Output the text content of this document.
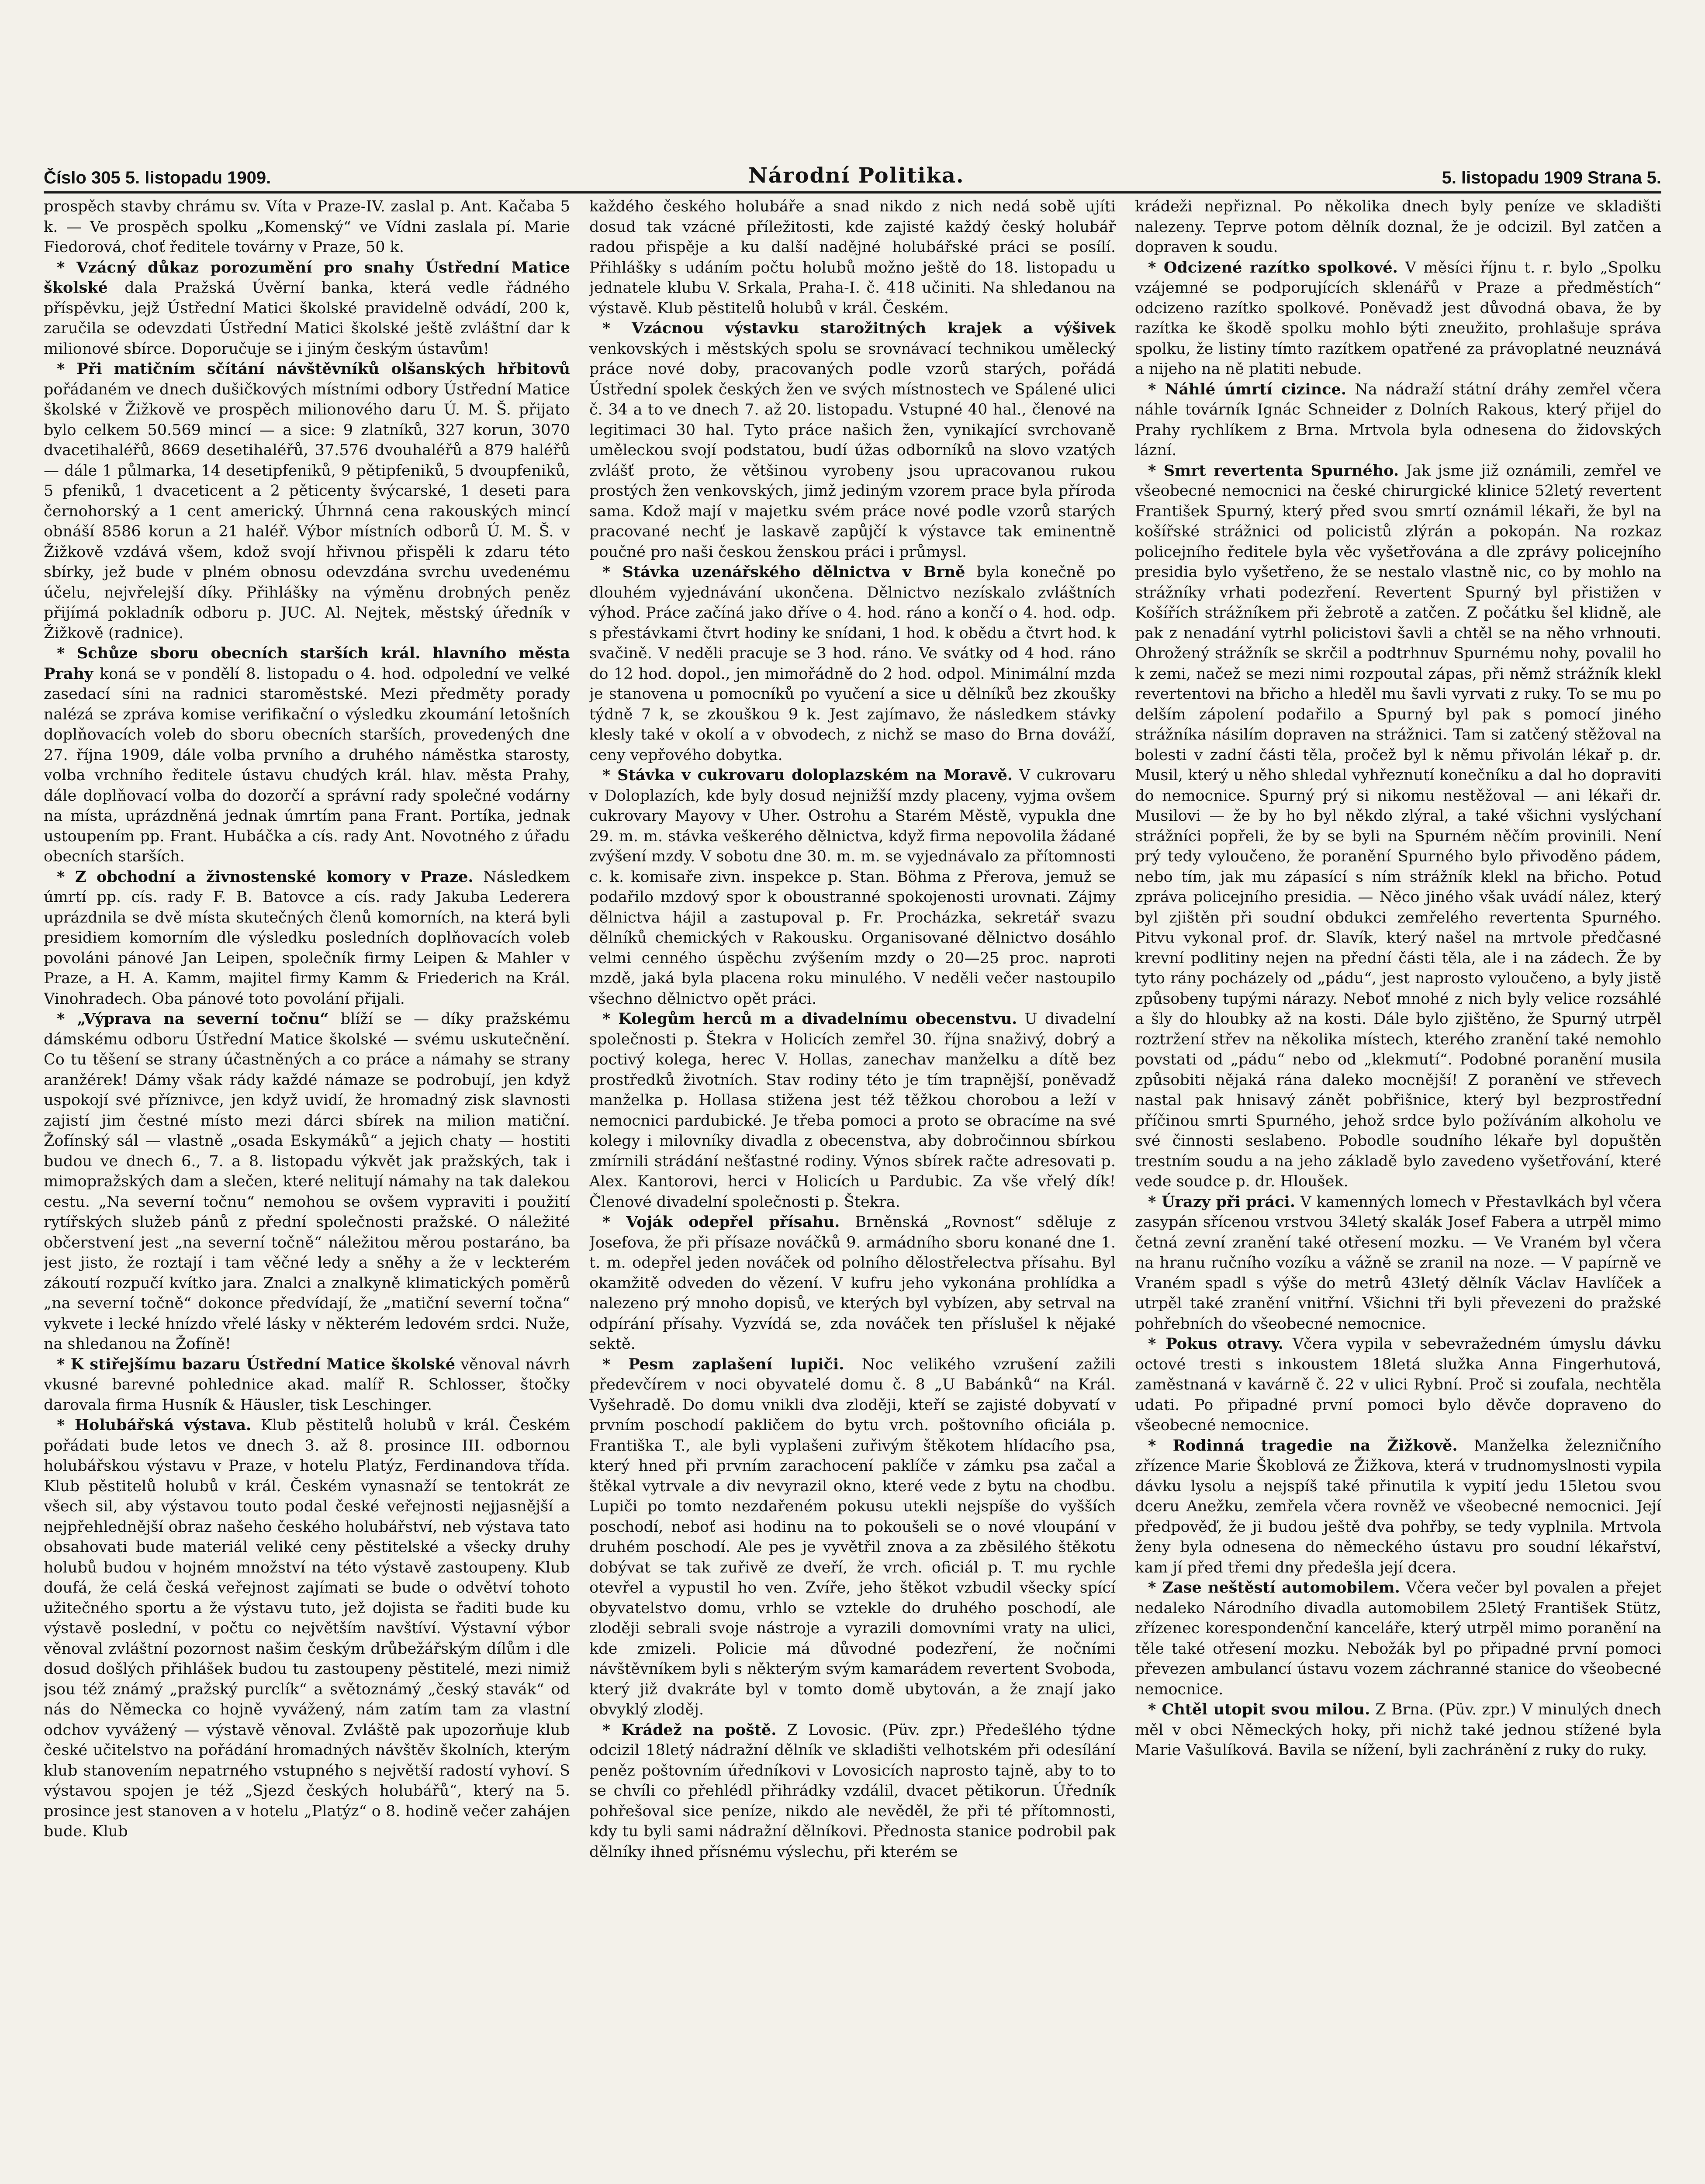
Číslo 305 5. listopadu 1909.	Národní Politika.	5. listopadu 1909 Strana 5.

prospěch stavby chrámu sv. Víta v Praze-IV. zaslal p. Ant. Kačaba 5 k. — Ve prospěch spolku „Komenský“ ve Vídni zaslala pí. Marie Fiedorová, choť ředitele továrny v Praze, 50 k.

* Vzácný důkaz porozumění pro snahy Ústřední Matice školské dala Pražská Úvěrní banka, která vedle řádného příspěvku, jejž Ústřední Matici školské pravidelně odvádí, 200 k, zaručila se odevzdati Ústřední Matici školské ještě zvláštní dar k milionové sbírce. Doporučuje se i jiným českým ústavům!

* Při matičním sčítání návštěvníků olšanských hřbitovů pořádaném ve dnech dušičkových místními odbory Ústřední Matice školské v Žižkově ve prospěch milionového daru Ú. M. Š. přijato bylo celkem 50.569 mincí — a sice: 9 zlatníků, 327 korun, 3070 dvacetihaléřů, 8669 desetihaléřů, 37.576 dvouhaléřů a 879 haléřů — dále 1 půlmarka, 14 desetipfeniků, 9 pětipfeniků, 5 dvoupfeniků, 5 pfeniků, 1 dvaceticent a 2 pěticenty švýcarské, 1 deseti para černohorský a 1 cent americký. Úhrnná cena rakouských mincí obnáší 8586 korun a 21 haléř. Výbor místních odborů Ú. M. Š. v Žižkově vzdává všem, kdož svojí hřivnou přispěli k zdaru této sbírky, jež bude v plném obnosu odevzdána svrchu uvedenému účelu, nejvřelejší díky. Přihlášky na výměnu drobných peněz přijímá pokladník odboru p. JUC. Al. Nejtek, městský úředník v Žižkově (radnice).

* Schůze sboru obecních starších král. hlavního města Prahy koná se v pondělí 8. listopadu o 4. hod. odpolední ve velké zasedací síni na radnici staroměstské. Mezi předměty porady nalézá se zpráva komise verifikační o výsledku zkoumání letošních doplňovacích voleb do sboru obecních starších, provedených dne 27. října 1909, dále volba prvního a druhého náměstka starosty, volba vrchního ředitele ústavu chudých král. hlav. města Prahy, dále doplňovací volba do dozorčí a správní rady společné vodárny na místa, uprázdněná jednak úmrtím pana Frant. Portíka, jednak ustoupením pp. Frant. Hubáčka a cís. rady Ant. Novotného z úřadu obecních starších.

* Z obchodní a živnostenské komory v Praze. Následkem úmrtí pp. cís. rady F. B. Batovce a cís. rady Jakuba Lederera uprázdnila se dvě místa skutečných členů komorních, na která byli presidiem komorním dle výsledku posledních doplňovacích voleb povoláni pánové Jan Leipen, společník firmy Leipen & Mahler v Praze, a H. A. Kamm, majitel firmy Kamm & Friederich na Král. Vinohradech. Oba pánové toto povolání přijali.

* „Výprava na severní točnu“ blíží se — díky pražskému dámskému odboru Ústřední Matice školské — svému uskutečnění. Co tu těšení se strany účastněných a co práce a námahy se strany aranžérek! Dámy však rády každé námaze se podrobují, jen když uspokojí své příznivce, jen když uvidí, že hromadný zisk slavnosti zajistí jim čestné místo mezi dárci sbírek na milion matiční. Žofínský sál — vlastně „osada Eskymáků“ a jejich chaty — hostiti budou ve dnech 6., 7. a 8. listopadu výkvět jak pražských, tak i mimopražských dam a slečen, které nelitují námahy na tak dalekou cestu. „Na severní točnu“ nemohou se ovšem vypraviti i použití rytířských služeb pánů z přední společnosti pražské. O náležité občerstvení jest „na severní točně“ náležitou měrou postaráno, ba jest jisto, že roztají i tam věčné ledy a sněhy a že v leckterém zákoutí rozpučí kvítko jara. Znalci a znalkyně klimatických poměrů „na severní točně“ dokonce předvídají, že „matiční severní točna“ vykvete i lecké hnízdo vřelé lásky v některém ledovém srdci. Nuže, na shledanou na Žofíně!

* K stiřejšímu bazaru Ústřední Matice školské věnoval návrh vkusné barevné pohlednice akad. malíř R. Schlosser, štočky darovala firma Husník & Häusler, tisk Leschinger.

* Holubářská výstava. Klub pěstitelů holubů v král. Českém pořádati bude letos ve dnech 3. až 8. prosince III. odbornou holubářskou výstavu v Praze, v hotelu Platýz, Ferdinandova třída. Klub pěstitelů holubů v král. Českém vynasnaží se tentokrát ze všech sil, aby výstavou touto podal české veřejnosti nejjasnější a nejpřehlednější obraz našeho českého holubářství, neb výstava tato obsahovati bude materiál veliké ceny pěstitelské a všecky druhy holubů budou v hojném množství na této výstavě zastoupeny. Klub doufá, že celá česká veřejnost zajímati se bude o odvětví tohoto užitečného sportu a že výstavu tuto, jež dojista se řaditi bude ku výstavě poslední, v počtu co největším navštíví. Výstavní výbor věnoval zvláštní pozornost našim českým drůbežářským dílům i dle dosud došlých přihlášek budou tu zastoupeny pěstitelé, mezi nimiž jsou též známý „pražský purclík“ a světoznámý „český stavák“ od nás do Německa co hojně vyvážený, nám zatím tam za vlastní odchov vyvážený — výstavě věnoval. Zvláště pak upozorňuje klub české učitelstvo na pořádání hromadných návštěv školních, kterým klub stanovením nepatrného vstupného s největší radostí vyhoví. S výstavou spojen je též „Sjezd českých holubářů“, který na 5. prosince jest stanoven a v hotelu „Platýz“ o 8. hodině večer zahájen bude. Klub

každého českého holubáře a snad nikdo z nich nedá sobě ujíti dosud tak vzácné příležitosti, kde zajisté každý český holubář radou přispěje a ku další nadějné holubářské práci se posílí. Přihlášky s udáním počtu holubů možno ještě do 18. listopadu u jednatele klubu V. Srkala, Praha-I. č. 418 učiniti. Na shledanou na výstavě. Klub pěstitelů holubů v král. Českém.

* Vzácnou výstavku starožitných krajek a výšivek venkovských i městských spolu se srovnávací technikou umělecký práce nové doby, pracovaných podle vzorů starých, pořádá Ústřední spolek českých žen ve svých místnostech ve Spálené ulici č. 34 a to ve dnech 7. až 20. listopadu. Vstupné 40 hal., členové na legitimaci 30 hal. Tyto práce našich žen, vynikající svrchovaně uměleckou svojí podstatou, budí úžas odborníků na slovo vzatých zvlášť proto, že většinou vyrobeny jsou upracovanou rukou prostých žen venkovských, jimž jediným vzorem prace byla příroda sama. Kdož mají v majetku svém práce nové podle vzorů starých pracované nechť je laskavě zapůjčí k výstavce tak eminentně poučné pro naši českou ženskou práci i průmysl.

* Stávka uzenářského dělnictva v Brně byla konečně po dlouhém vyjednávání ukončena. Dělnictvo nezískalo zvláštních výhod. Práce začíná jako dříve o 4. hod. ráno a končí o 4. hod. odp. s přestávkami čtvrt hodiny ke snídani, 1 hod. k obědu a čtvrt hod. k svačině. V neděli pracuje se 3 hod. ráno. Ve svátky od 4 hod. ráno do 12 hod. dopol., jen mimořádně do 2 hod. odpol. Minimální mzda je stanovena u pomocníků po vyučení a sice u dělníků bez zkoušky týdně 7 k, se zkouškou 9 k. Jest zajímavo, že následkem stávky klesly také v okolí a v obvodech, z nichž se maso do Brna dováží, ceny vepřového dobytka.

* Stávka v cukrovaru doloplazském na Moravě. V cukrovaru v Doloplazích, kde byly dosud nejnižší mzdy placeny, vyjma ovšem cukrovary Mayovy v Uher. Ostrohu a Starém Městě, vypukla dne 29. m. m. stávka veškerého dělnictva, když firma nepovolila žádané zvýšení mzdy. V sobotu dne 30. m. m. se vyjednávalo za přítomnosti c. k. komisaře zivn. inspekce p. Stan. Böhma z Přerova, jemuž se podařilo mzdový spor k oboustranné spokojenosti urovnati. Zájmy dělnictva hájil a zastupoval p. Fr. Procházka, sekretář svazu dělníků chemických v Rakousku. Organisované dělnictvo dosáhlo velmi cenného úspěchu zvýšením mzdy o 20—25 proc. naproti mzdě, jaká byla placena roku minulého. V neděli večer nastoupilo všechno dělnictvo opět práci.

* Kolegům herců m a divadelnímu obecenstvu. U divadelní společnosti p. Štekra v Holicích zemřel 30. října snaživý, dobrý a poctivý kolega, herec V. Hollas, zanechav manželku a dítě bez prostředků životních. Stav rodiny této je tím trapnější, poněvadž manželka p. Hollasa stižena jest též těžkou chorobou a leží v nemocnici pardubické. Je třeba pomoci a proto se obracíme na své kolegy i milovníky divadla z obecenstva, aby dobročinnou sbírkou zmírnili strádání nešťastné rodiny. Výnos sbírek račte adresovati p. Alex. Kantorovi, herci v Holicích u Pardubic. Za vše vřelý dík! Členové divadelní společnosti p. Štekra.

* Voják odepřel přísahu. Brněnská „Rovnost“ sděluje z Josefova, že při přísaze nováčků 9. armádního sboru konané dne 1. t. m. odepřel jeden nováček od polního dělostřelectva přísahu. Byl okamžitě odveden do vězení. V kufru jeho vykonána prohlídka a nalezeno prý mnoho dopisů, ve kterých byl vybízen, aby setrval na odpírání přísahy. Vyzvídá se, zda nováček ten příslušel k nějaké sektě.

* Pesm zaplašení lupiči. Noc velikého vzrušení zažili předevčírem v noci obyvatelé domu č. 8 „U Babánků“ na Král. Vyšehradě. Do domu vnikli dva zloději, kteří se zajisté dobyvatí v prvním poschodí pakličem do bytu vrch. poštovního oficiála p. Františka T., ale byli vyplašeni zuřivým štěkotem hlídacího psa, který hned při prvním zarachocení paklíče v zámku psa začal a štěkal vytrvale a div nevyrazil okno, které vede z bytu na chodbu. Lupiči po tomto nezdařeném pokusu utekli nejspíše do vyšších poschodí, neboť asi hodinu na to pokoušeli se o nové vloupání v druhém poschodí. Ale pes je vyvětřil znova a za zběsilého štěkotu dobývat se tak zuřivě ze dveří, že vrch. oficiál p. T. mu rychle otevřel a vypustil ho ven. Zvíře, jeho štěkot vzbudil všecky spící obyvatelstvo domu, vrhlo se vztekle do druhého poschodí, ale zloději sebrali svoje nástroje a vyrazili domovními vraty na ulici, kde zmizeli. Policie má důvodné podezření, že nočními návštěvníkem byli s některým svým kamarádem revertent Svoboda, který již dvakráte byl v tomto domě ubytován, a že znají jako obvyklý zloděj.

* Krádež na poště. Z Lovosic. (Püv. zpr.) Předešlého týdne odcizil 18letý nádražní dělník ve skladišti velhotském při odesílání peněz poštovním úředníkovi v Lovosicích naprosto tajně, aby to to se chvíli co přehlédl přihrádky vzdálil, dvacet pětikorun. Úředník pohřešoval sice peníze, nikdo ale nevěděl, že při té přítomnosti, kdy tu byli sami nádražní dělníkovi. Přednosta stanice podrobil pak dělníky ihned přísnému výslechu, při kterém se

krádeži nepřiznal. Po několika dnech byly peníze ve skladišti nalezeny. Teprve potom dělník doznal, že je odcizil. Byl zatčen a dopraven k soudu.

* Odcizené razítko spolkové. V měsíci říjnu t. r. bylo „Spolku vzájemné se podporujících sklenářů v Praze a předměstích“ odcizeno razítko spolkové. Poněvadž jest důvodná obava, že by razítka ke škodě spolku mohlo býti zneužito, prohlašuje správa spolku, že listiny tímto razítkem opatřené za právoplatné neuznává a nijeho na ně platiti nebude.

* Náhlé úmrtí cizince. Na nádraží státní dráhy zemřel včera náhle továrník Ignác Schneider z Dolních Rakous, který přijel do Prahy rychlíkem z Brna. Mrtvola byla odnesena do židovských lázní.

* Smrt revertenta Spurného. Jak jsme již oznámili, zemřel ve všeobecné nemocnici na české chirurgické klinice 52letý revertent František Spurný, který před svou smrtí oznámil lékaři, že byl na košířské strážnici od policistů zlýrán a pokopán. Na rozkaz policejního ředitele byla věc vyšetřována a dle zprávy policejního presidia bylo vyšetřeno, že se nestalo vlastně nic, co by mohlo na strážníky vrhati podezření. Revertent Spurný byl přistižen v Košířích strážníkem při žebrotě a zatčen. Z počátku šel klidně, ale pak z nenadání vytrhl policistovi šavli a chtěl se na něho vrhnouti. Ohrožený strážník se skrčil a podtrhnuv Spurnému nohy, povalil ho k zemi, načež se mezi nimi rozpoutal zápas, při němž strážník klekl revertentovi na břicho a hleděl mu šavli vyrvati z ruky. To se mu po delším zápolení podařilo a Spurný byl pak s pomocí jiného strážníka násilím dopraven na strážnici. Tam si zatčený stěžoval na bolesti v zadní části těla, pročež byl k němu přivolán lékař p. dr. Musil, který u něho shledal vyhřeznutí konečníku a dal ho dopraviti do nemocnice. Spurný prý si nikomu nestěžoval — ani lékaři dr. Musilovi — že by ho byl někdo zlýral, a také všichni vyslýchaní strážníci popřeli, že by se byli na Spurném něčím provinili. Není prý tedy vyloučeno, že poranění Spurného bylo přivoděno pádem, nebo tím, jak mu zápasící s ním strážník klekl na břicho. Potud zpráva policejního presidia. — Něco jiného však uvádí nález, který byl zjištěn při soudní obdukci zemřelého revertenta Spurného. Pitvu vykonal prof. dr. Slavík, který našel na mrtvole předčasné krevní podlitiny nejen na přední části těla, ale i na zádech. Že by tyto rány pocházely od „pádu“, jest naprosto vyloučeno, a byly jistě způsobeny tupými nárazy. Neboť mnohé z nich byly velice rozsáhlé a šly do hloubky až na kosti. Dále bylo zjištěno, že Spurný utrpěl roztržení střev na několika místech, kterého zranění také nemohlo povstati od „pádu“ nebo od „klekmutí“. Podobné poranění musila způsobiti nějaká rána daleko mocnější! Z poranění ve střevech nastal pak hnisavý zánět pobřišnice, který byl bezprostřední příčinou smrti Spurného, jehož srdce bylo požíváním alkoholu ve své činnosti seslabeno. Pobodle soudního lékaře byl dopuštěn trestním soudu a na jeho základě bylo zavedeno vyšetřování, které vede soudce p. dr. Hloušek.

* Úrazy při práci. V kamenných lomech v Přestavlkách byl včera zasypán sřícenou vrstvou 34letý skalák Josef Fabera a utrpěl mimo četná zevní zranění také otřesení mozku. — Ve Vraném byl včera na hranu ručního vozíku a vážně se zranil na noze. — V papírně ve Vraném spadl s výše do metrů 43letý dělník Václav Havlíček a utrpěl také zranění vnitřní. Všichni tři byli převezeni do pražské pohřebních do všeobecné nemocnice.

* Pokus otravy. Včera vypila v sebevražedném úmyslu dávku octové tresti s inkoustem 18letá služka Anna Fingerhutová, zaměstnaná v kavárně č. 22 v ulici Rybní. Proč si zoufala, nechtěla udati. Po připadné první pomoci bylo děvče dopraveno do všeobecné nemocnice.

* Rodinná tragedie na Žižkově. Manželka železničního zřízence Marie Škoblová ze Žižkova, která v trudnomyslnosti vypila dávku lysolu a nejspíš také přinutila k vypití jedu 15letou svou dceru Anežku, zemřela včera rovněž ve všeobecné nemocnici. Její předpověď, že ji budou ještě dva pohřby, se tedy vyplnila. Mrtvola ženy byla odnesena do německého ústavu pro soudní lékařství, kam jí před třemi dny předešla její dcera.

* Zase neštěstí automobilem. Včera večer byl povalen a přejet nedaleko Národního divadla automobilem 25letý František Stütz, zřízenec korespondenční kanceláře, který utrpěl mimo poranění na těle také otřesení mozku. Nebožák byl po připadné první pomoci převezen ambulancí ústavu vozem záchranné stanice do všeobecné nemocnice.

* Chtěl utopit svou milou. Z Brna. (Püv. zpr.) V minulých dnech měl v obci Německých hoky, při nichž také jednou stížené byla Marie Vašulíková. Bavila se nížení, byli zachránění z ruky do ruky.
